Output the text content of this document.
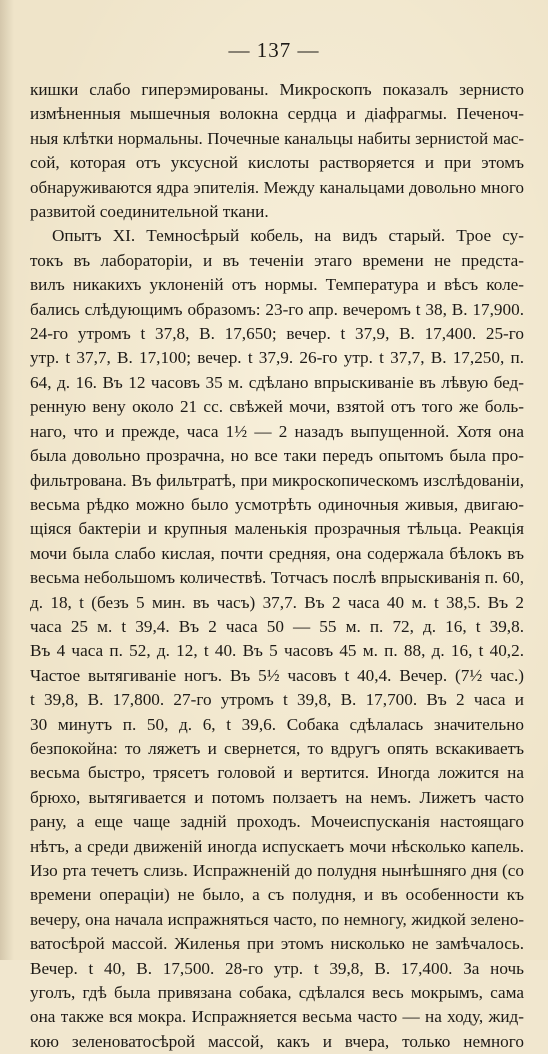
— 137 —
кишки слабо гиперэмированы. Микроскопъ показалъ зернисто
измѣненныя мышечныя волокна сердца и діафрагмы. Печеноч-
ныя клѣтки нормальны. Почечные канальцы набиты зернистой мас-
сой, которая отъ уксусной кислоты растворяется и при этомъ
обнаруживаются ядра эпителія. Между канальцами довольно много
развитой соединительной ткани.
Опытъ XI. Темносѣрый кобель, на видъ старый. Трое су-
токъ въ лабораторіи, и въ теченіи этаго времени не предста-
вилъ никакихъ уклоненій отъ нормы. Температура и вѣсъ коле-
бались слѣдующимъ образомъ: 23-го апр. вечеромъ t 38, В. 17,900.
24-го утромъ t 37,8, В. 17,650; вечер. t 37,9, В. 17,400. 25-го
утр. t 37,7, В. 17,100; вечер. t 37,9. 26-го утр. t 37,7, В. 17,250, п.
64, д. 16. Въ 12 часовъ 35 м. сдѣлано впрыскиваніе въ лѣвую бед-
ренную вену около 21 сс. свѣжей мочи, взятой отъ того же боль-
наго, что и прежде, часа 1½ — 2 назадъ выпущенной. Хотя она
была довольно прозрачна, но все таки передъ опытомъ была про-
фильтрована. Въ фильтратѣ, при микроскопическомъ изслѣдованіи,
весьма рѣдко можно было усмотрѣть одиночныя живыя, двигаю-
щіяся бактеріи и крупныя маленькія прозрачныя тѣльца. Реакція
мочи была слабо кислая, почти средняя, она содержала бѣлокъ въ
весьма небольшомъ количествѣ. Тотчасъ послѣ впрыскиванія п. 60,
д. 18, t (безъ 5 мин. въ часъ) 37,7. Въ 2 часа 40 м. t 38,5. Въ 2
часа 25 м. t 39,4. Въ 2 часа 50 — 55 м. п. 72, д. 16, t 39,8.
Въ 4 часа п. 52, д. 12, t 40. Въ 5 часовъ 45 м. п. 88, д. 16, t 40,2.
Частое вытягиваніе ногъ. Въ 5½ часовъ t 40,4. Вечер. (7½ час.)
t 39,8, В. 17,800. 27-го утромъ t 39,8, В. 17,700. Въ 2 часа и
30 минутъ п. 50, д. 6, t 39,6. Собака сдѣлалась значительно
безпокойна: то ляжетъ и свернется, то вдругъ опять вскакиваетъ
весьма быстро, трясетъ головой и вертится. Иногда ложится на
брюхо, вытягивается и потомъ ползаетъ на немъ. Лижетъ часто
рану, а еще чаще задній проходъ. Мочеиспусканія настоящаго
нѣтъ, а среди движеній иногда испускаетъ мочи нѣсколько капель.
Изо рта течетъ слизь. Испражненій до полудня нынѣшняго дня (со
времени операціи) не было, а съ полудня, и въ особенности къ
вечеру, она начала испражняться часто, по немногу, жидкой зелено-
ватосѣрой массой. Жиленья при этомъ нисколько не замѣчалось.
Вечер. t 40, В. 17,500. 28-го утр. t 39,8, В. 17,400. За ночь
уголъ, гдѣ была привязана собака, сдѣлался весь мокрымъ, сама
она также вся мокра. Испражняется весьма часто — на ходу, жид-
кою зеленоватосѣрой массой, какъ и вчера, только немного
